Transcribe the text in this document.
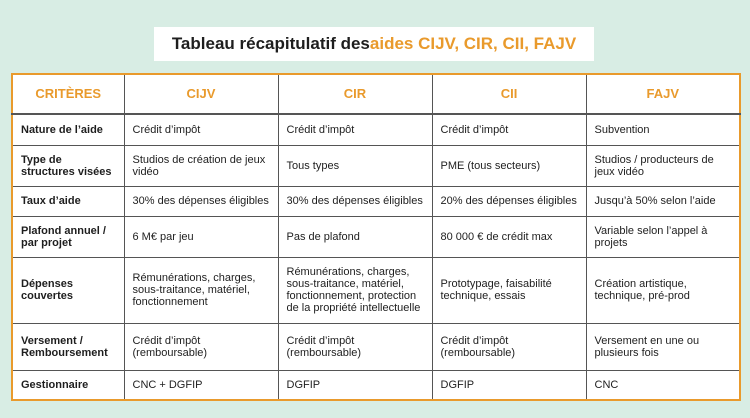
Tableau récapitulatif des aides CIJV, CIR, CII, FAJV
CRITÈRES	CIJV	CIR	CII	FAJV
Nature de l’aide	Crédit d’impôt	Crédit d’impôt	Crédit d’impôt	Subvention
Type de structures visées	Studios de création de jeux vidéo	Tous types	PME (tous secteurs)	Studios / producteurs de jeux vidéo
Taux d’aide	30% des dépenses éligibles	30% des dépenses éligibles	20% des dépenses éligibles	Jusqu’à 50% selon l’aide
Plafond annuel / par projet	6 M€ par jeu	Pas de plafond	80 000 € de crédit max	Variable selon l’appel à projets
Dépenses couvertes	Rémunérations, charges, sous-traitance, matériel, fonctionnement	Rémunérations, charges, sous-traitance, matériel, fonctionnement, protection de la propriété intellectuelle	Prototypage, faisabilité technique, essais	Création artistique, technique, pré-prod
Versement / Remboursement	Crédit d’impôt (remboursable)	Crédit d’impôt (remboursable)	Crédit d’impôt (remboursable)	Versement en une ou plusieurs fois
Gestionnaire	CNC + DGFIP	DGFIP	DGFIP	CNC
